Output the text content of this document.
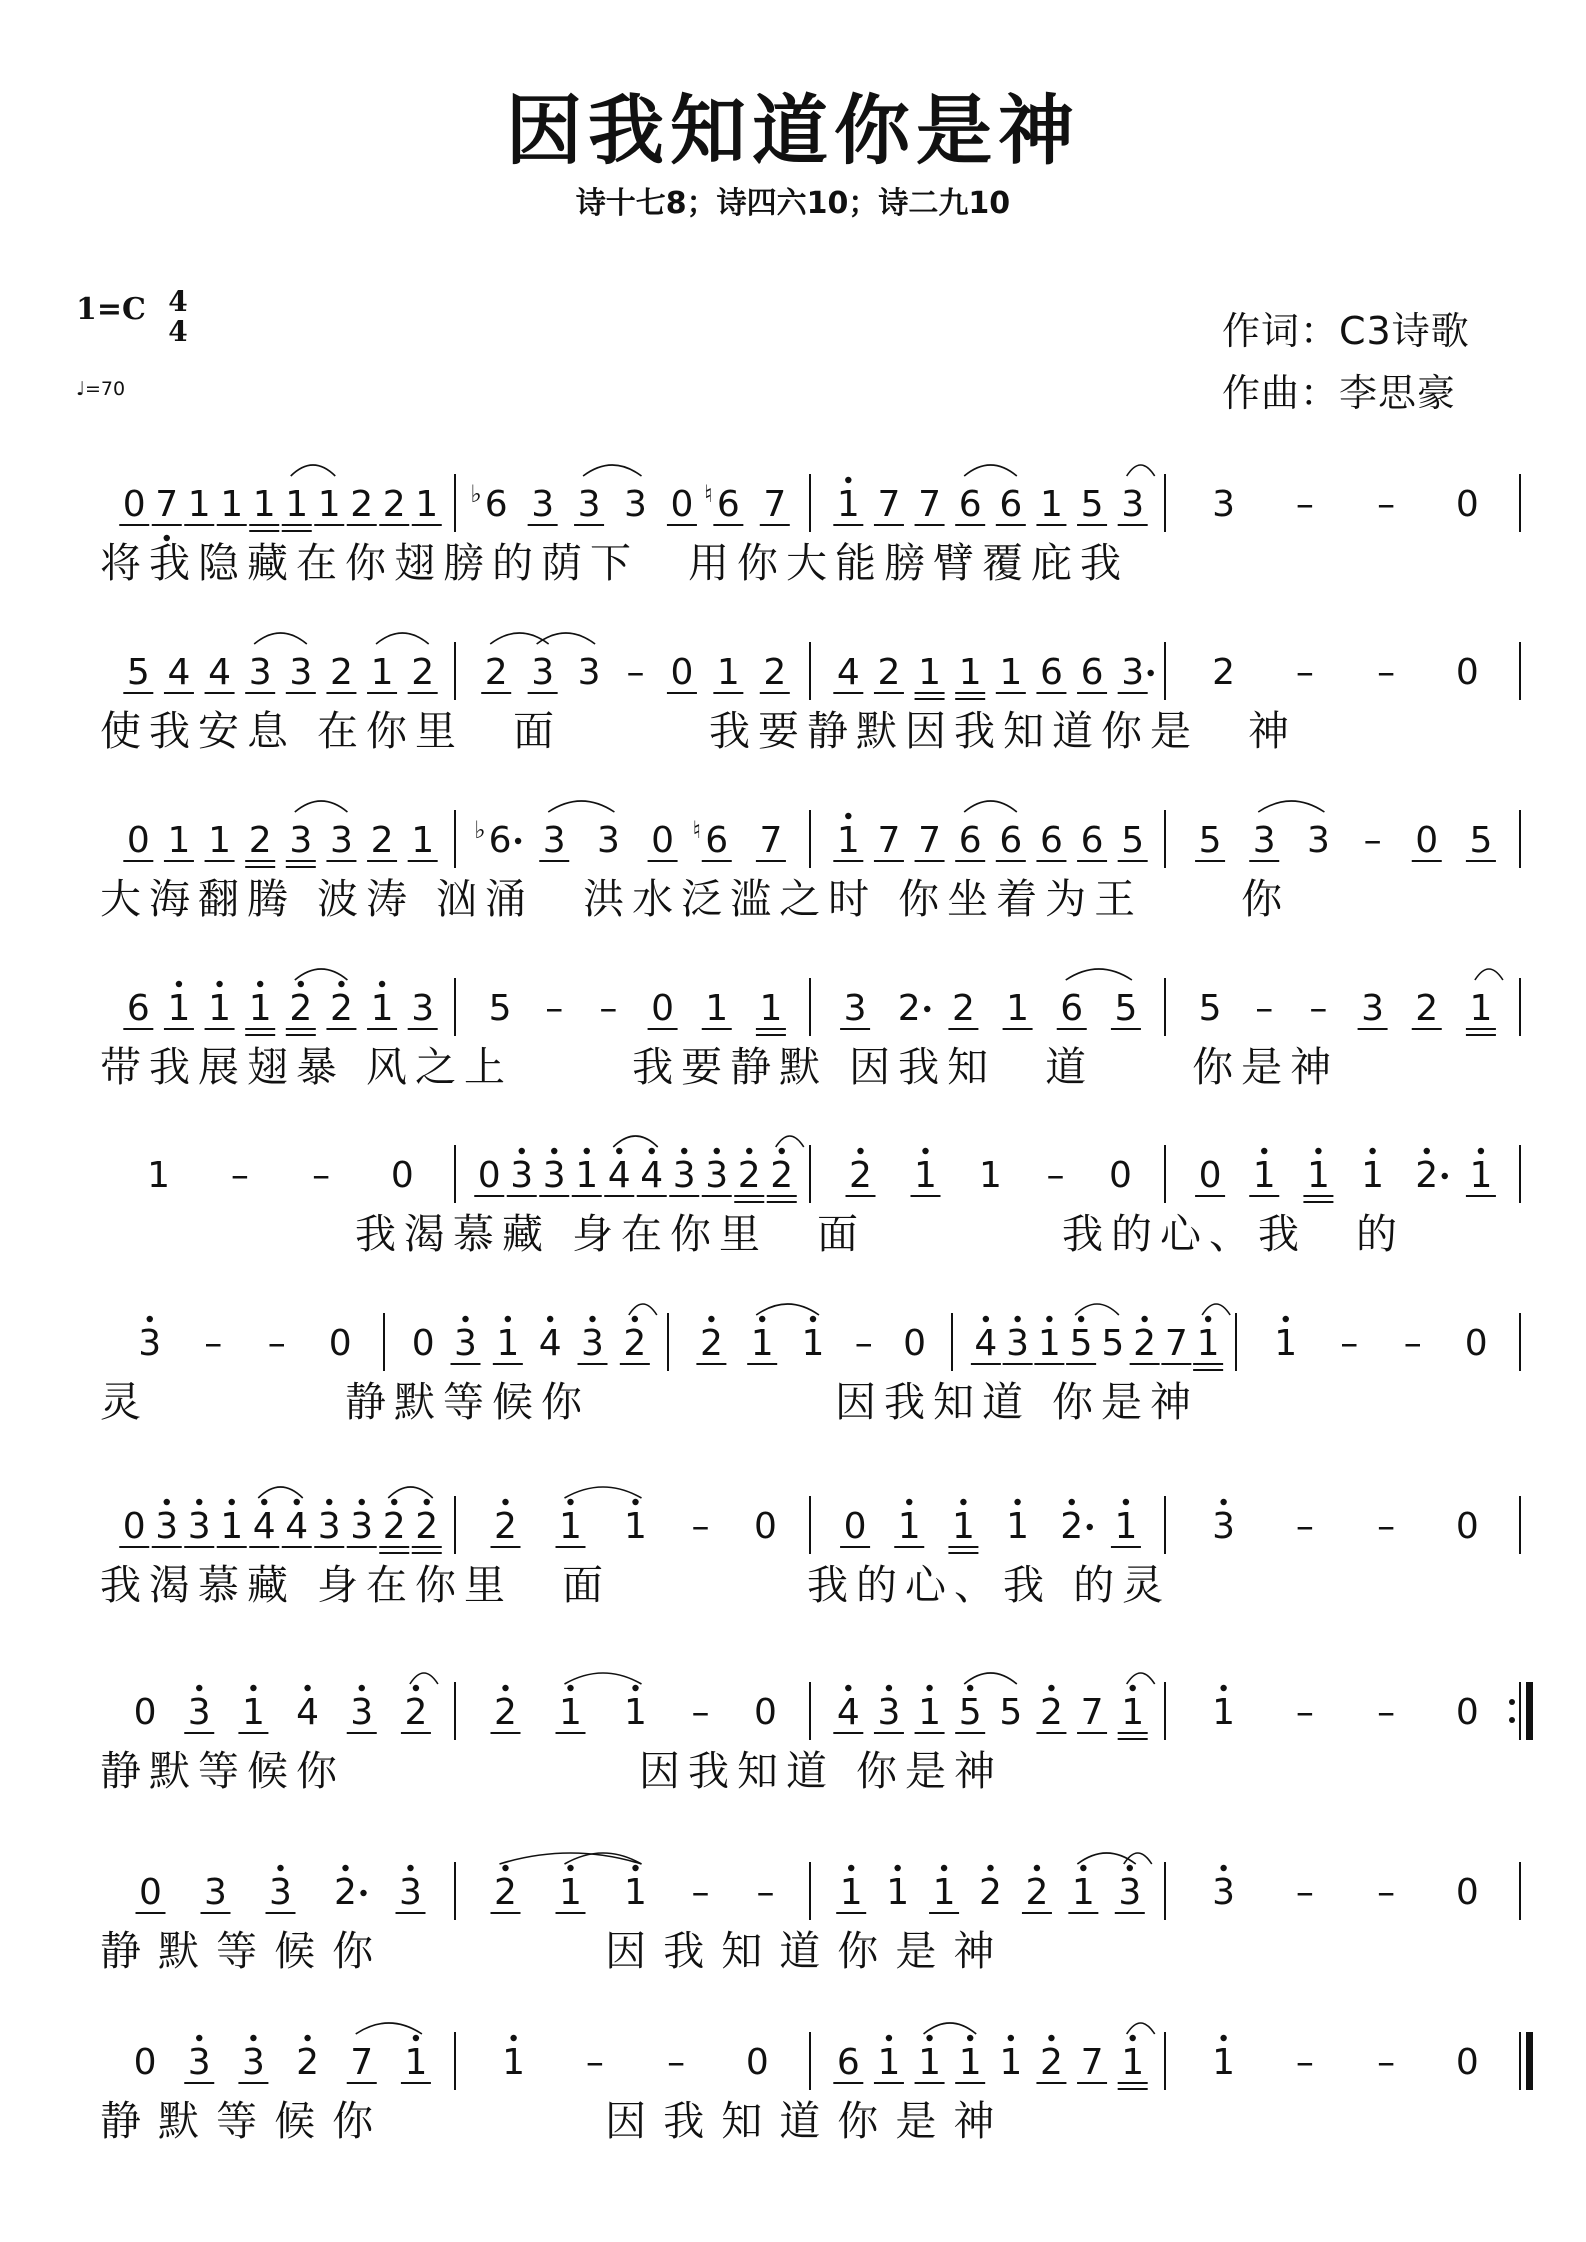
因我知道你是神
诗十七8；诗四六10；诗二九10
1=C 4
4
♩=70
作词：C3诗歌
作曲：李思豪
0 7 1 1 1 1 1 2 2 1 ♭ 6 3 3 3 0 ♮ 6 7 1 7 7 6 6 1 5 3 3 – – 0
将我隐藏在你翅膀的荫下　用你大能膀臂覆庇我
5 4 4 3 3 2 1 2 2 3 3 – 0 1 2 4 2 1 1 1 6 6 3 2 – – 0
使我安息 在你里　面　　　我要静默因我知道你是　神
0 1 1 2 3 3 2 1 ♭ 6 3 3 0 ♮ 6 7 1 7 7 6 6 6 6 5 5 3 3 – 0 5
大海翻腾 波涛 汹涌　洪水泛滥之时 你坐着为王　　你
6 1 1 1 2 2 1 3 5 – – 0 1 1 3 2 2 1 6 5 5 – – 3 2 1
带我展翅暴 风之上　　 我要静默 因我知　道　　你是神
1 – – 0 0 3 3 1 4 4 3 3 2 2 2 1 1 – 0 0 1 1 1 2 1
　　　　　我渴慕藏 身在你里　面　　　　我的心、我　的
3 – – 0 0 3 1 4 3 2 2 1 1 – 0 4 3 1 5 5 2 7 1 1 – – 0
灵　　　　静默等候你　　　　　因我知道 你是神
0 3 3 1 4 4 3 3 2 2 2 1 1 – 0 0 1 1 1 2 1 3 – – 0
我渴慕藏 身在你里　面　　　　我的心、我 的灵
0 3 1 4 3 2 2 1 1 – 0 4 3 1 5 5 2 7 1 1 – – 0
静默等候你　　　　　　因我知道 你是神
0 3 3 2 3 2 1 1 – – 1 1 1 2 2 1 3 3 – – 0
静 默 等 候 你　　　　　 因 我 知 道 你 是 神
0 3 3 2 7 1 1 – – 0 6 1 1 1 1 2 7 1 1 – – 0
静 默 等 候 你　　　　　 因 我 知 道 你 是 神
